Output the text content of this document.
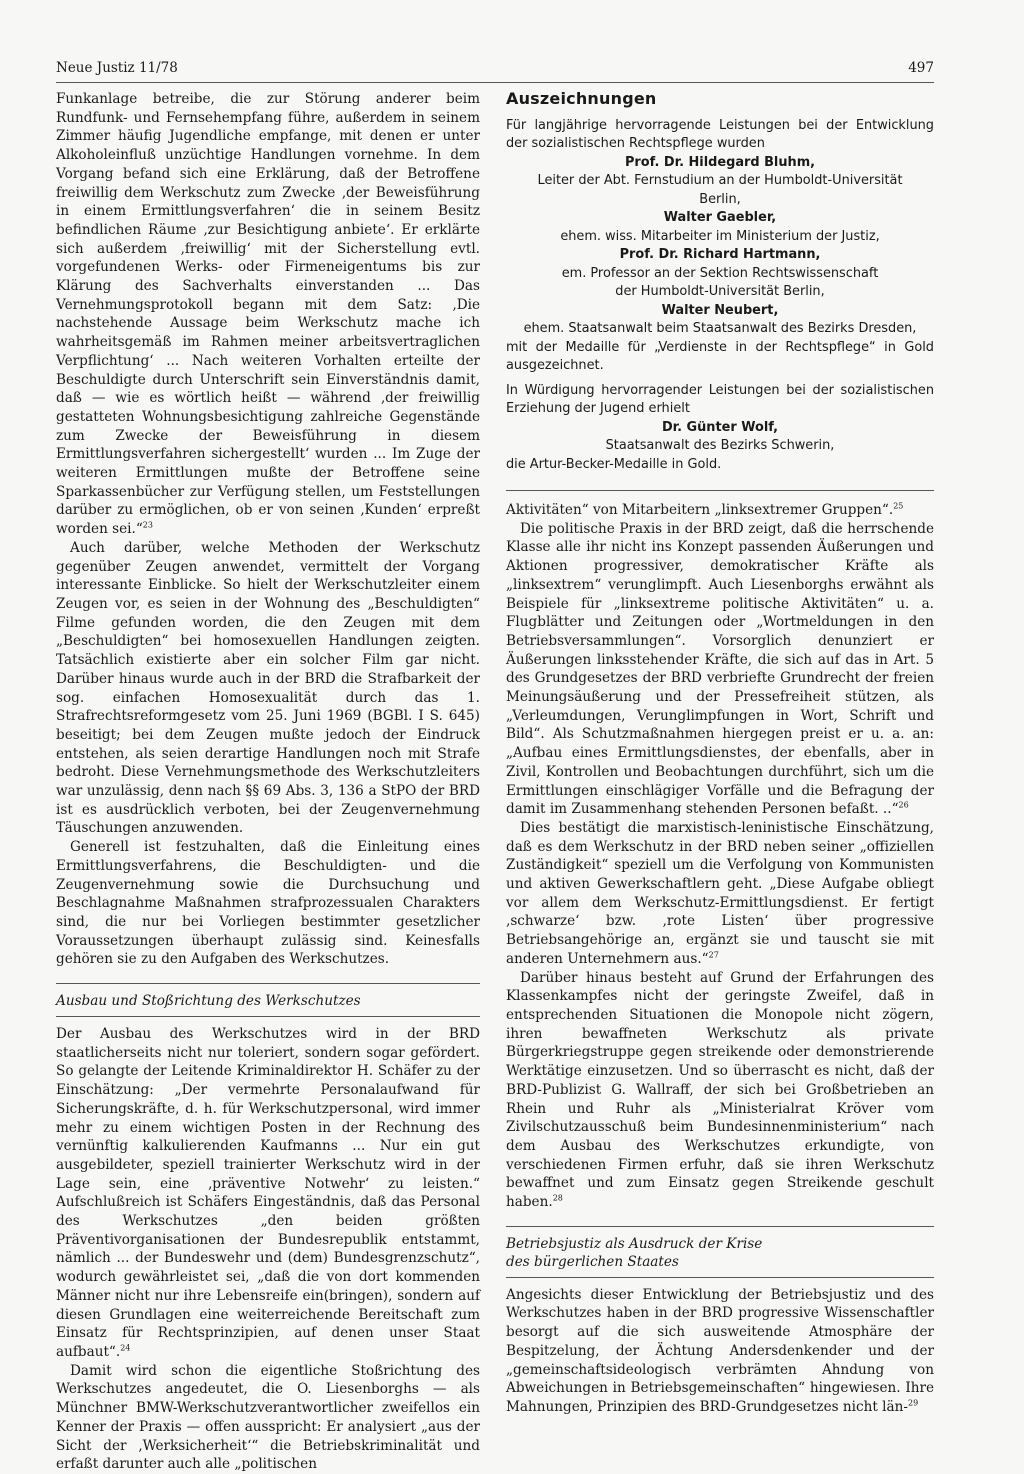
Neue Justiz 11/78	497

Funkanlage betreibe, die zur Störung anderer beim Rundfunk- und Fernsehempfang führe, außerdem in seinem Zimmer häufig Jugendliche empfange, mit denen er unter Alkoholeinfluß unzüchtige Handlungen vornehme. In dem Vorgang befand sich eine Erklärung, daß der Betroffene freiwillig dem Werkschutz zum Zwecke ‚der Beweisführung in einem Ermittlungsverfahren‘ die in seinem Besitz befindlichen Räume ‚zur Besichtigung anbiete‘. Er erklärte sich außerdem ‚freiwillig‘ mit der Sicherstellung evtl. vorgefundenen Werks- oder Firmeneigentums bis zur Klärung des Sachverhalts einverstanden ... Das Vernehmungsprotokoll begann mit dem Satz: ‚Die nachstehende Aussage beim Werkschutz mache ich wahrheitsgemäß im Rahmen meiner arbeitsvertraglichen Verpflichtung‘ ... Nach weiteren Vorhalten erteilte der Beschuldigte durch Unterschrift sein Einverständnis damit, daß — wie es wörtlich heißt — während ‚der freiwillig gestatteten Wohnungsbesichtigung zahlreiche Gegenstände zum Zwecke der Beweisführung in diesem Ermittlungsverfahren sichergestellt‘ wurden ... Im Zuge der weiteren Ermittlungen mußte der Betroffene seine Sparkassenbücher zur Verfügung stellen, um Feststellungen darüber zu ermöglichen, ob er von seinen ‚Kunden‘ erpreßt worden sei.“$^{23}$

Auch darüber, welche Methoden der Werkschutz gegenüber Zeugen anwendet, vermittelt der Vorgang interessante Einblicke. So hielt der Werkschutzleiter einem Zeugen vor, es seien in der Wohnung des „Beschuldigten“ Filme gefunden worden, die den Zeugen mit dem „Beschuldigten“ bei homosexuellen Handlungen zeigten. Tatsächlich existierte aber ein solcher Film gar nicht. Darüber hinaus wurde auch in der BRD die Strafbarkeit der sog. einfachen Homosexualität durch das 1. Strafrechtsreformgesetz vom 25. Juni 1969 (BGBl. I S. 645) beseitigt; bei dem Zeugen mußte jedoch der Eindruck entstehen, als seien derartige Handlungen noch mit Strafe bedroht. Diese Vernehmungsmethode des Werkschutzleiters war unzulässig, denn nach §§ 69 Abs. 3, 136 a StPO der BRD ist es ausdrücklich verboten, bei der Zeugenvernehmung Täuschungen anzuwenden.

Generell ist festzuhalten, daß die Einleitung eines Ermittlungsverfahrens, die Beschuldigten- und die Zeugenvernehmung sowie die Durchsuchung und Beschlagnahme Maßnahmen strafprozessualen Charakters sind, die nur bei Vorliegen bestimmter gesetzlicher Voraussetzungen überhaupt zulässig sind. Keinesfalls gehören sie zu den Aufgaben des Werkschutzes.

Ausbau und Stoßrichtung des Werkschutzes

Der Ausbau des Werkschutzes wird in der BRD staatlicherseits nicht nur toleriert, sondern sogar gefördert. So gelangte der Leitende Kriminaldirektor H. Schäfer zu der Einschätzung: „Der vermehrte Personalaufwand für Sicherungskräfte, d. h. für Werkschutzpersonal, wird immer mehr zu einem wichtigen Posten in der Rechnung des vernünftig kalkulierenden Kaufmanns ... Nur ein gut ausgebildeter, speziell trainierter Werkschutz wird in der Lage sein, eine ‚präventive Notwehr‘ zu leisten.“ Aufschlußreich ist Schäfers Eingeständnis, daß das Personal des Werkschutzes „den beiden größten Präventivorganisationen der Bundesrepublik entstammt, nämlich ... der Bundeswehr und (dem) Bundesgrenzschutz“, wodurch gewährleistet sei, „daß die von dort kommenden Männer nicht nur ihre Lebensreife ein(bringen), sondern auf diesen Grundlagen eine weiterreichende Bereitschaft zum Einsatz für Rechtsprinzipien, auf denen unser Staat aufbaut“.$^{24}$

Damit wird schon die eigentliche Stoßrichtung des Werkschutzes angedeutet, die O. Liesenborghs — als Münchner BMW-Werkschutzverantwortlicher zweifellos ein Kenner der Praxis — offen ausspricht: Er analysiert „aus der Sicht der ‚Werksicherheit‘“ die Betriebskriminalität und erfaßt darunter auch alle „politischen

Auszeichnungen

Für langjährige hervorragende Leistungen bei der Entwicklung der sozialistischen Rechtspflege wurden

Prof. Dr. Hildegard Bluhm,

Leiter der Abt. Fernstudium an der Humboldt-Universität

Berlin,

Walter Gaebler,

ehem. wiss. Mitarbeiter im Ministerium der Justiz,

Prof. Dr. Richard Hartmann,

em. Professor an der Sektion Rechtswissenschaft

der Humboldt-Universität Berlin,

Walter Neubert,

ehem. Staatsanwalt beim Staatsanwalt des Bezirks Dresden,

mit der Medaille für „Verdienste in der Rechtspflege“ in Gold ausgezeichnet.

In Würdigung hervorragender Leistungen bei der sozialistischen Erziehung der Jugend erhielt

Dr. Günter Wolf,

Staatsanwalt des Bezirks Schwerin,

die Artur-Becker-Medaille in Gold.

Aktivitäten“ von Mitarbeitern „linksextremer Gruppen“.$^{25}$

Die politische Praxis in der BRD zeigt, daß die herrschende Klasse alle ihr nicht ins Konzept passenden Äußerungen und Aktionen progressiver, demokratischer Kräfte als „linksextrem“ verunglimpft. Auch Liesenborghs erwähnt als Beispiele für „linksextreme politische Aktivitäten“ u. a. Flugblätter und Zeitungen oder „Wortmeldungen in den Betriebsversammlungen“. Vorsorglich denunziert er Äußerungen linksstehender Kräfte, die sich auf das in Art. 5 des Grundgesetzes der BRD verbriefte Grundrecht der freien Meinungsäußerung und der Pressefreiheit stützen, als „Verleumdungen, Verunglimpfungen in Wort, Schrift und Bild“. Als Schutzmaßnahmen hiergegen preist er u. a. an: „Aufbau eines Ermittlungsdienstes, der ebenfalls, aber in Zivil, Kontrollen und Beobachtungen durchführt, sich um die Ermittlungen einschlägiger Vorfälle und die Befragung der damit im Zusammenhang stehenden Personen befaßt. ..“$^{26}$

Dies bestätigt die marxistisch-leninistische Einschätzung, daß es dem Werkschutz in der BRD neben seiner „offiziellen Zuständigkeit“ speziell um die Verfolgung von Kommunisten und aktiven Gewerkschaftlern geht. „Diese Aufgabe obliegt vor allem dem Werkschutz-Ermittlungsdienst. Er fertigt ‚schwarze‘ bzw. ‚rote Listen‘ über progressive Betriebsangehörige an, ergänzt sie und tauscht sie mit anderen Unternehmern aus.“$^{27}$

Darüber hinaus besteht auf Grund der Erfahrungen des Klassenkampfes nicht der geringste Zweifel, daß in entsprechenden Situationen die Monopole nicht zögern, ihren bewaffneten Werkschutz als private Bürgerkriegstruppe gegen streikende oder demonstrierende Werktätige einzusetzen. Und so überrascht es nicht, daß der BRD-Publizist G. Wallraff, der sich bei Großbetrieben an Rhein und Ruhr als „Ministerialrat Kröver vom Zivilschutzausschuß beim Bundesinnenministerium“ nach dem Ausbau des Werkschutzes erkundigte, von verschiedenen Firmen erfuhr, daß sie ihren Werkschutz bewaffnet und zum Einsatz gegen Streikende geschult haben.$^{28}$

Betriebsjustiz als Ausdruck der Krise
des bürgerlichen Staates

Angesichts dieser Entwicklung der Betriebsjustiz und des Werkschutzes haben in der BRD progressive Wissenschaftler besorgt auf die sich ausweitende Atmosphäre der Bespitzelung, der Ächtung Andersdenkender und der „gemeinschaftsideologisch verbrämten Ahndung von Abweichungen in Betriebsgemeinschaften“ hingewiesen. Ihre Mahnungen, Prinzipien des BRD-Grundgesetzes nicht län-$^{29}$
